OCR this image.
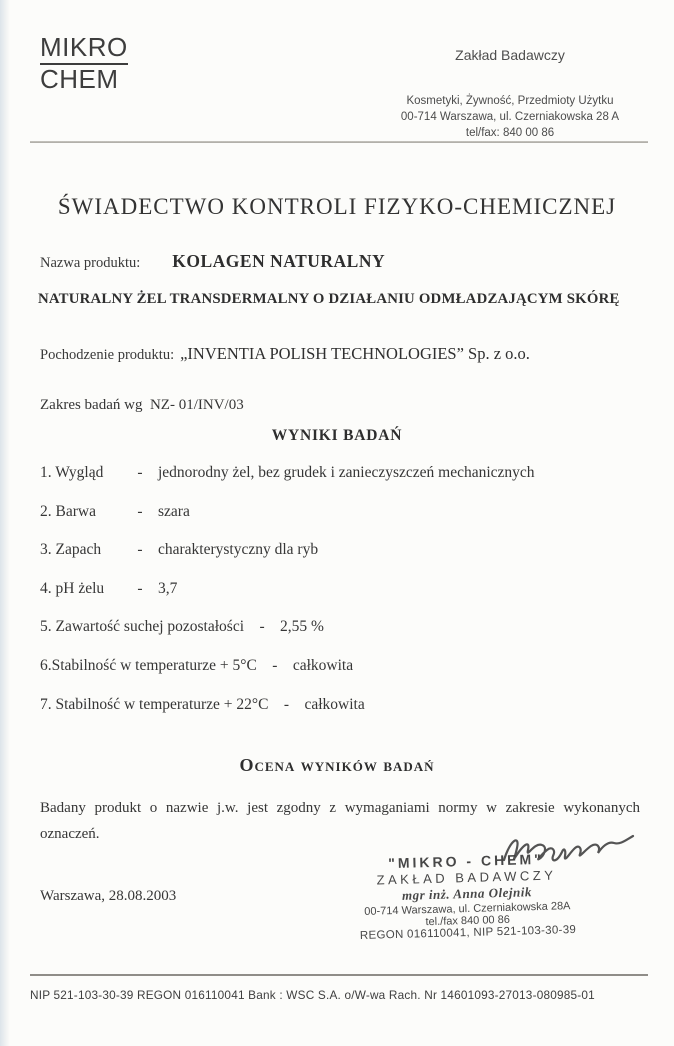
MIKRO
CHEM
Zakład Badawczy
Kosmetyki, Żywność, Przedmioty Użytku
00-714 Warszawa, ul. Czerniakowska 28 A
tel/fax: 840 00 86
ŚWIADECTWO KONTROLI FIZYKO-CHEMICZNEJ
Nazwa produktu: KOLAGEN NATURALNY
NATURALNY ŻEL TRANSDERMALNY O DZIAŁANIU ODMŁADZAJĄCYM SKÓRĘ
Pochodzenie produktu: „INVENTIA POLISH TECHNOLOGIES” Sp. z o.o.
Zakres badań wg  NZ- 01/INV/03
WYNIKI BADAŃ
1. Wygląd	- jednorodny żel, bez grudek i zanieczyszczeń mechanicznych
2. Barwa	- szara
3. Zapach	- charakterystyczny dla ryb
4. pH żelu	- 3,7
5. Zawartość suchej pozostałości - 2,55 %
6.Stabilność w temperaturze + 5°C - całkowita
7. Stabilność w temperaturze + 22°C - całkowita
Ocena wyników badań
Badany produkt o nazwie j.w. jest zgodny z wymaganiami normy w zakresie wykonanych oznaczeń.
"MIKRO - CHEM"
ZAKŁAD BADAWCZY
mgr inż. Anna Olejnik
00-714 Warszawa, ul. Czerniakowska 28A
tel./fax 840 00 86
REGON 016110041, NIP 521-103-30-39
Warszawa, 28.08.2003
NIP 521-103-30-39 REGON 016110041 Bank : WSC S.A. o/W-wa Rach. Nr 14601093-27013-080985-01
